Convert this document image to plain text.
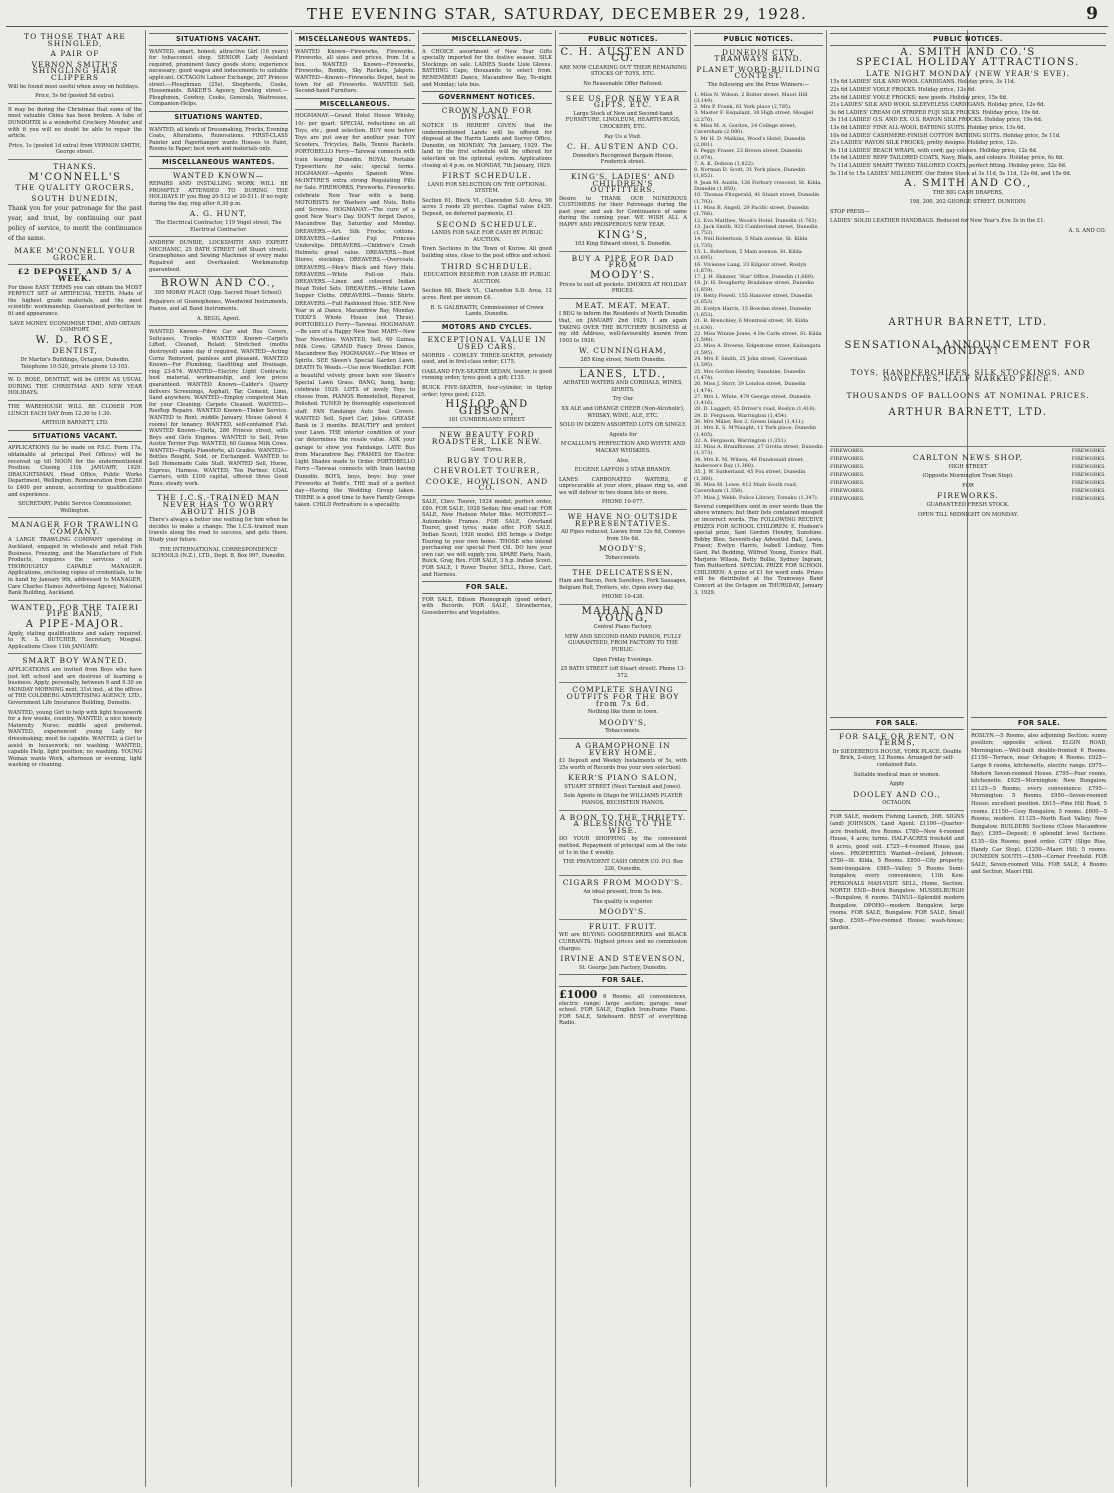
THE EVENING STAR, SATURDAY, DECEMBER 29, 1928.	9
TO THOSE THAT ARE SHINGLED,
A PAIR OF
VERNON SMITH'S SHINGLING HAIR CLIPPERS
Will be found most useful when away on holidays.
Price, 5s 6d (posted 5d extra).
It may be during the Christmas that some of the most valuable China has been broken. A tube of DUNDOITIX is a wonderful Crockery Mender, and with it you will no doubt be able to repair the article.
Price, 1s (posted 1d extra) from VERNON SMITH, George street.
THANKS.
M'CONNELL'S
THE QUALITY GROCERS,
SOUTH DUNEDIN,
Thank you for your patronage for the past year, and trust, by continuing our past policy of service, to merit the continuance of the same.
MAKE M'CONNELL YOUR GROCER.
£2 DEPOSIT, AND 5/ A WEEK.
For these EASY TERMS you can obtain the MOST PERFECT SET of ARTIFICIAL TEETH. Made of the highest grade materials, and the most scientific workmanship. Guaranteed perfection in fit and appearance.
SAVE MONEY. ECONOMISE TIME, AND OBTAIN COMFORT.
W. D. ROSE,
DENTIST,
Dr Martin's Buildings, Octagon, Dunedin. Telephone 10-520, private phone 13-103.
W. D. ROSE, DENTIST, will be OPEN AS USUAL DURING THE CHRISTMAS AND NEW YEAR HOLIDAYS.
THE WAREHOUSE WILL BE CLOSED FOR LUNCH EACH DAY from 12.30 to 1.30.
ARTHUR BARNETT, LTD.
SITUATIONS VACANT.
APPLICATIONS (to be made on P.S.C. Form 17a, obtainable at principal Post Offices) will be received up till NOON for the undermentioned Position: Closing 11th JANUARY, 1929. DRAUGHTSMAN, Head Office, Public Works Department, Wellington. Remuneration from £260 to £400 per annum, according to qualifications and experience.
SECRETARY, Public Service Commissioner, Wellington.
MANAGER FOR TRAWLING COMPANY.
A LARGE TRAWLING COMPANY operating in Auckland, engaged in wholesale and retail Fish Business, Freezing, and the Manufacture of Fish Products, requires the services of a THOROUGHLY CAPABLE MANAGER. Applications, enclosing copies of credentials, to be in hand by January 9th, addressed to MANAGER, Care Charles Haines Advertising Agency, National Bank Building, Auckland.
WANTED, FOR THE TAIERI PIPE BAND,
A PIPE-MAJOR.
Apply, stating qualifications and salary required, to R. S. BUTCHER, Secretary, Mosgiel. Applications Close 11th JANUARY.
SMART BOY WANTED.
APPLICATIONS are invited from Boys who have just left school and are desirous of learning a business. Apply, personally, between 9 and 9.30 on MONDAY MORNING next, 31st inst., at the offices of THE COLDBERG ADVERTISING AGENCY, LTD., Government Life Insurance Building, Dunedin.
WANTED, young Girl to help with light housework for a few weeks, country. WANTED, a nice homely Maternity Nurse; middle aged preferred. WANTED, experienced young Lady for dressmaking; must be capable. WANTED, a Girl to assist in housework; no washing. WANTED, capable Help, light position; no washing. YOUNG Woman wants Work, afternoon or evening, light washing or cleaning.
SITUATIONS VACANT.
WANTED, smart, honest, attractive Girl (16 years) for tobacconist shop. SENIOR Lady Assistant required, prominent fancy goods store; experience necessary; good wages and inducements to suitable applicant. OCTAGON Labour Exchange, 207 Princes street.—Ploughman (25s), Shepherds, Cooks, Housemaids. BAKER'S Agency, Dowling street.—Ploughmen, Cowboy, Cooks, Generals, Waitresses, Companion-Helps.
SITUATIONS WANTED.
WANTED, all kinds of Dressmaking, Frocks, Evening Coats, Alterations, Renovations. FIRST-CLASS Painter and Paperhanger wants Houses to Paint, Rooms to Paper; best work and materials only.
MISCELLANEOUS WANTEDS.
WANTED KNOWN—
REPAIRS AND INSTALLING WORK WILL BE PROMPTLY ATTENDED TO DURING THE HOLIDAYS IF you Ring 20-512 or 20-511. If no reply during the day, ring after 6.30 p.m.
A. G. HUNT,
The Electrical Contractor, 119 Vogel street, The Electrical Contractor.
ANDREW DUNBIE, LOCKSMITH AND EXPERT MECHANIC, 25 BATH STREET (off Stuart street). Gramophones and Sewing Machines of every make Repaired and Overhauled. Workmanship guaranteed.
BROWN AND CO.,
395 MORAY PLACE (Opp. Sacred Heart School).
Repairers of Gramophones, Woodwind Instruments, Pianos, and all Band Instruments.
A. BEGG, Agent.
WANTED Known—Fibre Car and Bus Covers, Suitcases, Trunks. WANTED Known—Carpets Lifted, Cleaned, Relaid; Stretched (moths destroyed) same day if required. WANTED—Acting Corns Removed, painless and pleasant. WANTED Known—For Plumbing, Gasfitting and Drainage, ring 23-674. WANTED—Electric Light Contracts; best material, workmanship, and low prices guaranteed. WANTED Known—Calder's Quarry delivers Screenings, Asphalt, Tar, Cement, Lime, Sand anywhere. WANTED—Employ competent Man for your Cleaning; Carpets Cleaned. WANTED—Rooftop Repairs. WANTED Known—Tinker Service. WANTED to Rent, middle January, House (about 4 rooms) for tenancy. WANTED, self-contained Flat. WANTED Known—Delta, 286 Princes street, sells Boys and Girls Engines. WANTED to Sell, Prize Austin Terrier Pup. WANTED, 60 Guinea Milk Cows. WANTED—Pupils Pianoforte, all Grades. WANTED—Bottles Bought, Sold, or Exchanged. WANTED to Sell Homemade Cake Stall. WANTED Sell, Horse, Express, Harness. WANTED, Ten Partner. COAL Carriers, with £100 capital, offered three Good Runs; steady work.
THE I.C.S.-TRAINED MAN NEVER HAS TO WORRY ABOUT HIS JOB
There's always a better one waiting for him when he decides to make a change. The I.C.S.-trained man travels along the road to success, and gets there. Study your future.
THE INTERNATIONAL CORRESPONDENCE SCHOOLS (N.Z.), LTD., Dept. B, Box 997, Dunedin.
MISCELLANEOUS WANTEDS.
WANTED Known—Fireworks, Fireworks, Fireworks, all sizes and prices, from 1d a box. WANTED Known—Fireworks, Fireworks, Bombs, Sky Rockets, Jakpots. WANTED—Known—Fireworks Depot, best in town for all Fireworks. WANTED Sell, Second-hand Furniture.
MISCELLANEOUS.
HOGMANAY.—Grand Hotel House Whisky, 10/- per quart. SPECIAL reductions on all Toys, etc.; good selection. BUY now before Toys are put away for another year. TOY Scooters, Tricycles, Balls, Tennis Rackets. PORTOBELLO Ferry—Tarewai connects with train leaving Dunedin. ROYAL Portable Typewriters for sale; special terms. HOGMANAY.—Agents Spanish Wine. McINTYRE'S extra strong Regulating Pills for Sale. FIREWORKS, Fireworks, Fireworks; celebrate New Year with a bang. MOTORISTS for Washers and Nuts, Bolts and Screws. HOGMANAY.—The cure of a good New Year's Day. DON'T forget Dance, Macandrew Bay, Saturday and Monday. DREAVERS.—Art. Silk Frocks; cottons. DREAVERS.—Ladies' Fuji Princess Underslips. DREAVERS.—Children's Crash Helmets; great value. DREAVERS.—Boot Stores; stockings. DREAVERS.—Overcoats. DREAVERS.—Men's Black and Navy Hats. DREAVERS.—White Pull-on Hats. DREAVERS.—Linen and coloured Indian Head Toilet Sets. DREAVERS.—White Lawn Supper Cloths. DREAVERS.—Tennis Shirts. DREAVERS.—Full Fashioned Hose. SEE New Year in at Dance, Macandrew Bay, Monday. TODD'S Whole House (not Thrus). PORTOBELLO Ferry—Tarewai. HOGMANAY.—Be sure of a Happy New Year. MARY—New Year Novelties. WANTED, Sell, 60 Guinea Milk Cows. GRAND Fancy Dress Dance, Macandrew Bay. HOGMANAY.—For Wines or Spirits. SEE Skeen's Special Garden Lawn. DEATH To Weeds.—Use new Weedkiller. FOR a beautiful velvety green lawn sow Skeen's Special Lawn Grass. BANG, bang, bang; celebrate 1929. LOTS of lovely Toys to choose from. PIANOS Remodelled, Reyared, Polished. TUNED by thoroughly experienced staff. FAN Fandango Auto Seat Covers. WANTED Sell, Sport Car; Jukes. GREASE Bank in 3 months. BEAUTIFY and protect your Lawn. THE interior condition of your car determines the resale value. ASK your garage to show you Fandango. LATE Bus from Macandrew Bay. FRAMES for Electric Light Shades made to Order. PORTOBELLO Ferry.—Tarewai connects with train leaving Dunedin. BOYS, boys, boys: buy your Fireworks at Todd's. THE mail of a perfect day—Having the Wedding Group taken. THERE is a good time to have Family Groups taken. CHILD Portraiture is a speciality.
MISCELLANEOUS.
A CHOICE assortment of New Year Gifts specially imported for the festive season. SILK Stockings on sale. LADIES Suede Lisle Gloves. BATHING Caps; thousands to select from. REMEMBER! Dance, Macandrew Bay, To-night and Monday; late bus.
GOVERNMENT NOTICES.
CROWN LAND FOR DISPOSAL.
NOTICE IS HEREBY GIVEN that the undermentioned Lands will be offered for disposal at the Harris Lands and Survey Office, Dunedin, on MONDAY, 7th January, 1929. The land in the first schedule will be offered for selection on the optional system. Applications closing at 4 p.m. on MONDAY, 7th January, 1929.
FIRST SCHEDULE.
LAND FOR SELECTION ON THE OPTIONAL SYSTEM.
Section 61, Block VI., Clarendon S.D. Area, 90 acres 3 roods 20 perches. Capital value £425. Deposit, on deferred payments, £1.
SECOND SCHEDULE.
LANDS FOR SALE FOR CASH BY PUBLIC AUCTION.
Town Sections in the Town of Kurow. All good building sites, close to the post office and school.
THIRD SCHEDULE.
EDUCATION RESERVE FOR LEASE BY PUBLIC AUCTION.
Section 68, Block VI., Clarendon S.D. Area, 12 acres. Rent per annum £4.
R. S. GALBRAITH, Commissioner of Crown Lands, Dunedin.
MOTORS AND CYCLES.
EXCEPTIONAL VALUE IN USED CARS.
MORRIS - COWLEY THREE-SEATER, privately used, and in first-class order; £175.
OAKLAND FIVE-SEATER SEDAN, tourer, is good running order; tyres good; a gift; £135.
BUICK FIVE-SEATER, four-cylinder, in tiptop order; tyres good; £125.
HISLOP AND GIBSON,
181 CUMBERLAND STREET.
NEW BEAUTY FORD ROADSTER, LIKE NEW.
Good Tyres.
RUGBY TOURER,
CHEVROLET TOURER,
COOKE, HOWLISON, AND CO.
SALE, Chev. Tourer, 1924 model; perfect order, £80. FOR SALE, 1928 Sedan; fine small car. FOR SALE, New Hudson Motor Bike. MOTORIST.—Automobile Frames. FOR SALE, Overland Tourer, good tyres; make offer. FOR SALE, Indian Scout; 1926 model. £65 brings a Dodge Touring to your own home. THOSE who intend purchasing our special Ford Oil. DO hire your own car; we will supply you. SPARE Parts, Nash, Buick, Gray, Rex. FOR SALE, 3 h.p. Indian Scout. FOR SALE, 1 Rover Tourer. SELL, Horse, Cart, and Harness.
FOR SALE.
FOR SALE, Edison Phonograph (good order), with Records. FOR SALE, Strawberries, Gooseberries and Vegetables.
PUBLIC NOTICES.
C. H. AUSTEN AND CO.
ARE NOW CLEARING OUT THEIR REMAINING STOCKS OF TOYS, ETC.
No Reasonable Offer Refused.
SEE US FOR NEW YEAR GIFTS, ETC.
Large Stock of New and Second-hand FURNITURE, LINOLEUM, HEARTH-RUGS, CROCKERY, ETC.
Pay Us a Visit.
C. H. AUSTEN AND CO.
Dunedin's Recognised Bargain House, Frederick street.
KING'S, LADIES' AND CHILDREN'S OUTFITTERS.
Desire to THANK OUR NUMEROUS CUSTOMERS for their Patronage during the past year, and ask for Continuance of same during the coming year. WE WISH ALL A HAPPY AND PROSPEROUS NEW YEAR.
KING'S,
103 King Edward street, S. Dunedin.
BUY A PIPE FOR DAD FROM
MOODY'S.
Prices to suit all pockets. SMOKES AT HOLIDAY PRICES.
MEAT. MEAT. MEAT.
I BEG to inform the Residents of North Dunedin that, on JANUARY 2nd 1929, I am again TAKING OVER THE BUTCHERY BUSINESS at my old Address, well-favourably known from 1903 to 1926.
W. CUNNINGHAM,
285 King street, North Dunedin.
LANES, LTD.,
AERATED WATERS AND CORDIALS, WINES, SPIRITS.
Try Our
XX ALE and ORANGE CHEER (Non-Alcoholic), WHISKY, WINE, ALE, ETC.
SOLD IN DOZEN ASSORTED LOTS OR SINGLY.
Agents for
M'CALLUM'S PERFECTION AND WHYTE AND MACKAY WHISKIES.
Also,
EUGENE LAFFON 3 STAR BRANDY.
LANES CARBONATED WATERS, if unprocurable at your store, please ring us, and we will deliver in two dozen lots or more.
PHONE 10-077.
WE HAVE NO OUTSIDE REPRESENTATIVES.
All Pipes reduced, Loewe from 12s 6d, Comoys from 10s 6d.
MOODY'S,
Tobacconists.
THE DELICATESSEN.
Ham and Bacon, Pork Savelloys, Pork Sausages, Belgium Roll, Trotters, etc. Open every day.
PHONE 10-438.
MAHAN AND YOUNG,
Central Piano Factory.
NEW AND SECOND-HAND PIANOS, FULLY GUARANTEED, FROM FACTORY TO THE PUBLIC.
Open Friday Evenings.
25 BATH STREET (off Stuart street). Phone 13-572.
COMPLETE SHAVING OUTFITS FOR THE BOY from 7s 6d.
Nothing like them in town.
MOODY'S,
Tobacconists.
A GRAMOPHONE IN EVERY HOME.
£1 Deposit and Weekly Instalments of 5s, with 25s worth of Records free your own selection).
KERR'S PIANO SALON,
STUART STREET (Next Turnbull and Jones).
Sole Agents in Otago for WILLIAMS PLAYER PIANOS, BECHSTEIN PIANOS.
A BOON TO THE THRIFTY. A BLESSING TO THE WISE.
DO YOUR SHOPPING by the convenient method. Repayment of principal sum at the rate of 1s in the £ weekly.
THE PROVIDENT CASH ORDER CO. P.O. Box 226, Dunedin.
CIGARS FROM MOODY'S.
An ideal present, from 5s box.
The quality is superior.
MOODY'S.
FRUIT. FRUIT.
WE are BUYING GOOSEBERRIES and BLACK CURRANTS. Highest prices and no commission charges.
IRVINE AND STEVENSON,
St. George Jam Factory, Dunedin.
FOR SALE.
£1000 6 Rooms; all conveniences, electric range; large section; garage; near school. FOR SALE, English Iron-frame Piano. FOR SALE, Sideboard. BEST of everything Radio.
PUBLIC NOTICES.
DUNEDIN CITY TRAMWAYS BAND.
PLANET WORD-BUILDING CONTEST.
The following are the Prize Winners:—
1. Miss N. Wilson, 2 Butler street, Maori Hill (3,149).
2. Mrs P. Frank, 61 York place (2,785).
3. Master F. Esquilant, 38 High street, Mosgiel (2,270).
4. Miss M. A. Gordon, 24 College street, Caversham (2,000).
5. Mr H. D. Malkins, Wood's Hotel, Dunedin (2,001).
6. Peggy Fraser, 23 Brown street, Dunedin (1,974).
7. A. K. Dobson (1,822).
8. Norman D. Scott, 31 York place, Dunedin (1,852).
9. Jean M. Austin, 126 Forbury crescent, St. Kilda, Dunedin (1,850).
10. Thomas Fitzgerald, 41 Stuart street, Dunedin (1,793).
11. Miss B. Angell, 29 Pacific street, Dunedin (1,766).
12. Eva Matthes, Wood's Hotel, Dunedin (1,763).
13. Jack Smith, 922 Cumberland street, Dunedin (1,753).
14. Neil Robertson, 5 Main avenue, St. Kilda (1,735).
15. L. Robertson, 5 Main avenue, St. Kilda (1,695).
16. Vivienne Lang, 33 Kilgour street, Roslyn (1,679).
17. J. H. Skinner, 'Star' Office, Dunedin (1,669).
18. Jr. H. Dougherty, Bradshaw street, Dunedin (1,659).
19. Betty Powell, 155 Hanover street, Dunedin (1,653).
20. Evelyn Harris, 15 Bowden street, Dunedin (1,653).
21. R. Brenchley, 6 Montreal street, St. Kilda (1,630).
22. Miss Winnie Jones, 4 De Carle street, St. Kilda (1,598).
23. Miss A. Browne, Edgestone street, Kaitangata (1,595).
24. Mrs F. Smith, 25 John street, Caversham (1,595).
25. Mrs Gordon Hendry, Sunshine, Dunedin (1,474).
26. Miss J. Storr, 39 London street, Dunedin (1,474).
27. Mrs L. White, 479 George street, Dunedin (1,416).
28. D. Laggett, 65 Driver's road, Roslyn (1,416).
29. D. Ferguson, Warrington (1,454).
30. Mrs Miller, Box 2, Green Island (1,411).
31. Mrs E. S. M'Naught, 11 York place, Dunedin (1,405).
32. A. Ferguson, Warrington (1,351).
33. Miss A. Brandhouse, 27 Grotta street, Dunedin (1,373).
34. Mrs E. M. Wilson, 46 Dundonald street, Anderson's Bay (1,360).
35. J. W. Sutherland, 45 Fox street, Dunedin (1,360).
36. Miss M. Lowe, 412 Main South road, Caversham (1,358).
37. Miss J. Webb, Police Library, Tomaku (1,347).
Several competitors sent in over words than the above winners; but their lists contained misspelt or incorrect words. The FOLLOWING RECEIVE PRIZES FOR SCHOOL CHILDREN: E. Hudson's special prize, Sam Gordon Hendry, Sunshine. Bobby Blee, Seventh-day Adventist Ball, Lewis, Fraser, Evelyn Harris, Isabell Lindsay, Tom Gard, Pat Bedding, Wilfred Young, Eunice Hall, Marjorie Wilson, Betty Bollie, Sydney Ingram, Tom Rutherford. SPECIAL PRIZE FOR SCHOOL CHILDREN: A prize of £1 for word ends. Prizes will be distributed at the Tramways Band Concert at the Octagon on THURSDAY, January 3, 1929.
PUBLIC NOTICES.
A. SMITH AND CO.'S
SPECIAL HOLIDAY ATTRACTIONS.
LATE NIGHT MONDAY (NEW YEAR'S EVE).
15s 6d LADIES' SILK AND WOOL CARDIGANS. Holiday price, 3s 11d.
22s 6d LADIES' VOILE FROCKS. Holiday price, 12s 6d.
25s 6d LADIES' VOILE FROCKS; new goods. Holiday price, 15s 6d.
21s LADIES' SILK AND WOOL SLEEVELESS CARDIGANS. Holiday price, 12s 6d.
3s 6d LADIES' CREAM OR STRIPED FUJI SILK FROCKS. Holiday price, 19s 6d.
3s 11d LADIES' O.S. AND EX. O.S. RAYON SILK FROCKS. Holiday price, 19s 6d.
13s 6d LADIES' FINE ALL-WOOL BATHING SUITS. Holiday price, 13s 6d.
10s 6d LADIES' CASHMERE-FINISH COTTON BATHING SUITS. Holiday price, 5s 11d.
21s LADIES' RAYON SILK FROCKS, pretty designs. Holiday price, 12s.
9s 11d LADIES' BEACH WRAPS, with cord; gay colours. Holiday price, 12s 6d.
15s 6d LADIES' REPP TAILORED COATS, Navy, Black, and colours. Holiday price, 6s 6d.
7s 11d LADIES' SMART TWEED TAILORED COATS; perfect fitting. Holiday price, 32s 6d.
5s 11d to 15s LADIES' MILLINERY. Our Entire Stock at 3s 11d, 5s 11d, 12s 6d, and 15s 6d.
A. SMITH AND CO.,
THE BIG CASH DRAPERS,
198, 200, 202 GEORGE STREET, DUNEDIN.
STOP PRESS—
LADIES' SOLID LEATHER HANDBAGS. Reduced for New Year's Eve 3s in the £1.
A. S. AND CO.
ARTHUR BARNETT, LTD.
SENSATIONAL ANNOUNCEMENT FOR MONDAY!
TOYS, HANDKERCHIEFS, SILK STOCKINGS, AND NOVELTIES, HALF MARKED PRICE.
THOUSANDS OF BALLOONS AT NOMINAL PRICES.
ARTHUR BARNETT, LTD.
FIREWORKS.
FIREWORKS.
FIREWORKS.
FIREWORKS.
FIREWORKS.
FIREWORKS.
FIREWORKS.
CARLTON NEWS SHOP,
HIGH STREET
(Opposite Mornington Tram Stop).
FOR
FIREWORKS.
GUARANTEED FRESH STOCK.
OPEN TILL MIDNIGHT ON MONDAY.
FIREWORKS.
FIREWORKS.
FIREWORKS.
FIREWORKS.
FIREWORKS.
FIREWORKS.
FIREWORKS.
FOR SALE.
FOR SALE OR RENT, ON TERMS,
Dr SIEDEBERG'S HOUSE, YORK PLACE. Double Brick, 2-story, 12 Rooms. Arranged for self-contained flats.
Suitable medical man or women.
Apply
DOOLEY AND CO.,
OCTAGON.
FOR SALE, modern Fishing Launch, 26ft. SIGNS (and) JOHNSON, Land Agent. £1100—Quarter-acre freehold, five Rooms. £780—New 4-roomed House, 4 acre; terms. HALF-ACRES freehold and 6 acres, good soil. £725—4-roomed House, gas stove. PROPERTIES Wanted—Ireland, Johnson. £750—St. Kilda, 5 Rooms. £850—City property; Semi-bungalow. £985—Valley; 5 Rooms Semi-bungalow, every convenience, 11th Kew. PERSONALS MAH-VISIT. SELL, Home, Section. NORTH END—Brick Bungalow. MUSSELBURGH—Bungalow, 6 rooms. TAINUI—Splendid modern Bungalow. OPOHO—modern Bungalow, large rooms. FOR SALE, Bungalow. FOR SALE, Small Shop. £595—Five-roomed House; wash-house; garden.
FOR SALE.
ROSLYN.—5 Rooms, also adjoining Section; sunny position; opposite school. ELGIN ROAD, Mornington.—Well-built double-fronted 6 Rooms. £1150—Terrace, near Octagon; 4 Rooms. £925—Large 6 rooms, kitchenette, electric range. £975—Modern Seven-roomed House. £795—Four rooms, kitchenette. £925—Mornington: New Bungalow. £1125—5 Rooms, every convenience. £795—Mornington: 5 Rooms. £950—Seven-roomed House; excellent position. £615—Pine Hill Road, 5 rooms. £1150—Cosy Bungalow, 5 rooms. £600—5 Rooms; modern. £1125—North East Valley; New Bungalow. BUILDERS Sections (Close Macandrew Bay). £395—Deposit; 6 splendid level Sections. £135—Six Rooms; good order. CITY (Sligo Rise, Handy Car Stop). £1250—Maori Hill; 5 rooms. DUNEDIN SOUTH.—£500—Corner Freehold. FOR SALE, Seven-roomed Villa. FOR SALE, 4 Rooms and Section, Maori Hill.
